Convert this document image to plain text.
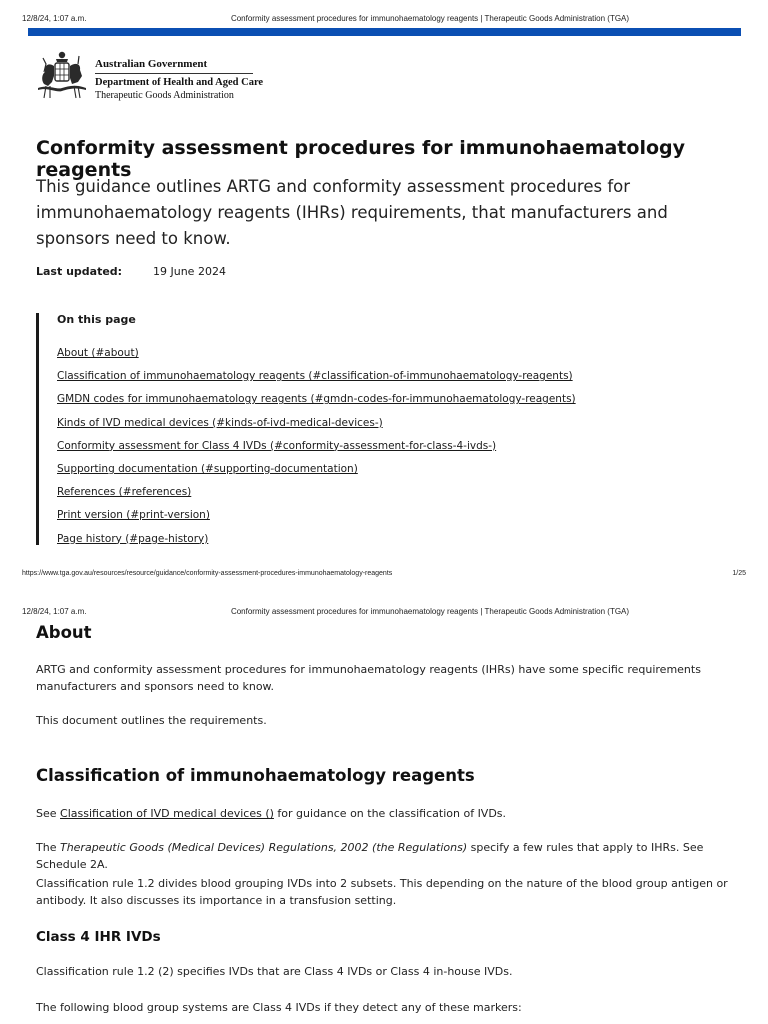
12/8/24, 1:07 a.m.	Conformity assessment procedures for immunohaematology reagents | Therapeutic Goods Administration (TGA)
Australian Government
Department of Health and Aged Care
Therapeutic Goods Administration
Conformity assessment procedures for immunohaematology reagents
This guidance outlines ARTG and conformity assessment procedures for immunohaematology reagents (IHRs) requirements, that manufacturers and sponsors need to know.
Last updated:	19 June 2024

On this page

About (#about)
Classification of immunohaematology reagents (#classification-of-immunohaematology-reagents)
GMDN codes for immunohaematology reagents (#gmdn-codes-for-immunohaematology-reagents)
Kinds of IVD medical devices (#kinds-of-ivd-medical-devices-)
Conformity assessment for Class 4 IVDs (#conformity-assessment-for-class-4-ivds-)
Supporting documentation (#supporting-documentation)
References (#references)
Print version (#print-version)
Page history (#page-history)
https://www.tga.gov.au/resources/resource/guidance/conformity-assessment-procedures-immunohaematology-reagents	1/25
12/8/24, 1:07 a.m.	Conformity assessment procedures for immunohaematology reagents | Therapeutic Goods Administration (TGA)
About

ARTG and conformity assessment procedures for immunohaematology reagents (IHRs) have some specific requirements manufacturers and sponsors need to know.

This document outlines the requirements.

Classification of immunohaematology reagents

See Classification of IVD medical devices () for guidance on the classification of IVDs.

The Therapeutic Goods (Medical Devices) Regulations, 2002 (the Regulations) specify a few rules that apply to IHRs. See Schedule 2A.

Classification rule 1.2 divides blood grouping IVDs into 2 subsets. This depending on the nature of the blood group antigen or antibody. It also discusses its importance in a transfusion setting.

Class 4 IHR IVDs

Classification rule 1.2 (2) specifies IVDs that are Class 4 IVDs or Class 4 in-house IVDs.

The following blood group systems are Class 4 IVDs if they detect any of these markers:
